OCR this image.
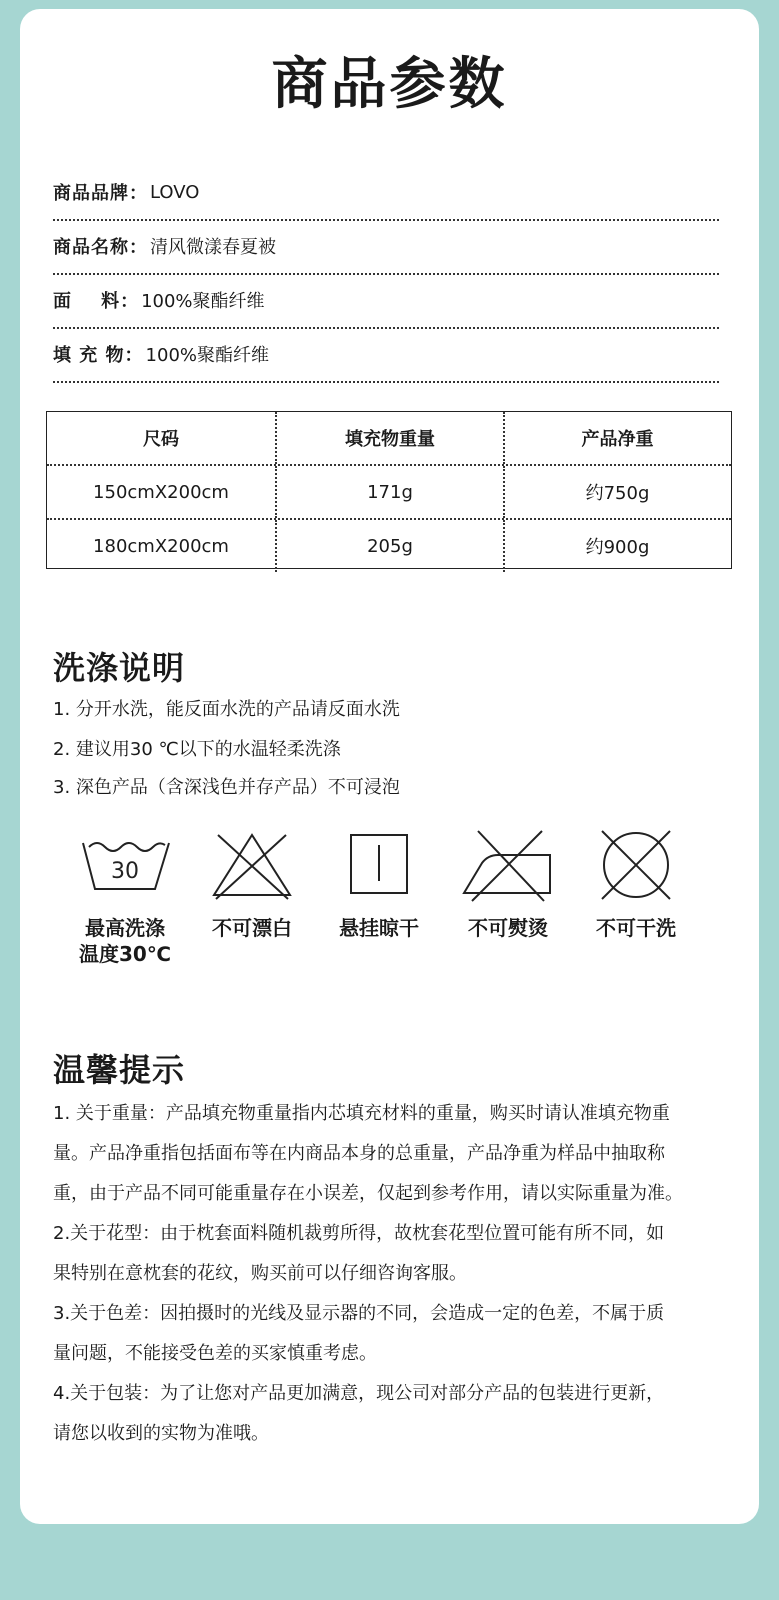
商品参数
商品品牌： LOVO
商品名称： 清风微漾春夏被
面    料： 100%聚酯纤维
填 充 物： 100%聚酯纤维
尺码	填充物重量	产品净重
150cmX200cm	171g	约750g
180cmX200cm	205g	约900g
洗涤说明
1. 分开水洗，能反面水洗的产品请反面水洗
2. 建议用30 ℃以下的水温轻柔洗涤
3. 深色产品（含深浅色并存产品）不可浸泡
30
最高洗涤
温度30℃
不可漂白	悬挂晾干	不可熨烫	不可干洗
温馨提示
1. 关于重量：产品填充物重量指内芯填充材料的重量，购买时请认准填充物重
量。产品净重指包括面布等在内商品本身的总重量，产品净重为样品中抽取称
重，由于产品不同可能重量存在小误差，仅起到参考作用，请以实际重量为准。
2.关于花型：由于枕套面料随机裁剪所得，故枕套花型位置可能有所不同，如
果特别在意枕套的花纹，购买前可以仔细咨询客服。
3.关于色差：因拍摄时的光线及显示器的不同，会造成一定的色差，不属于质
量问题，不能接受色差的买家慎重考虑。
4.关于包装：为了让您对产品更加满意，现公司对部分产品的包装进行更新，
请您以收到的实物为准哦。
